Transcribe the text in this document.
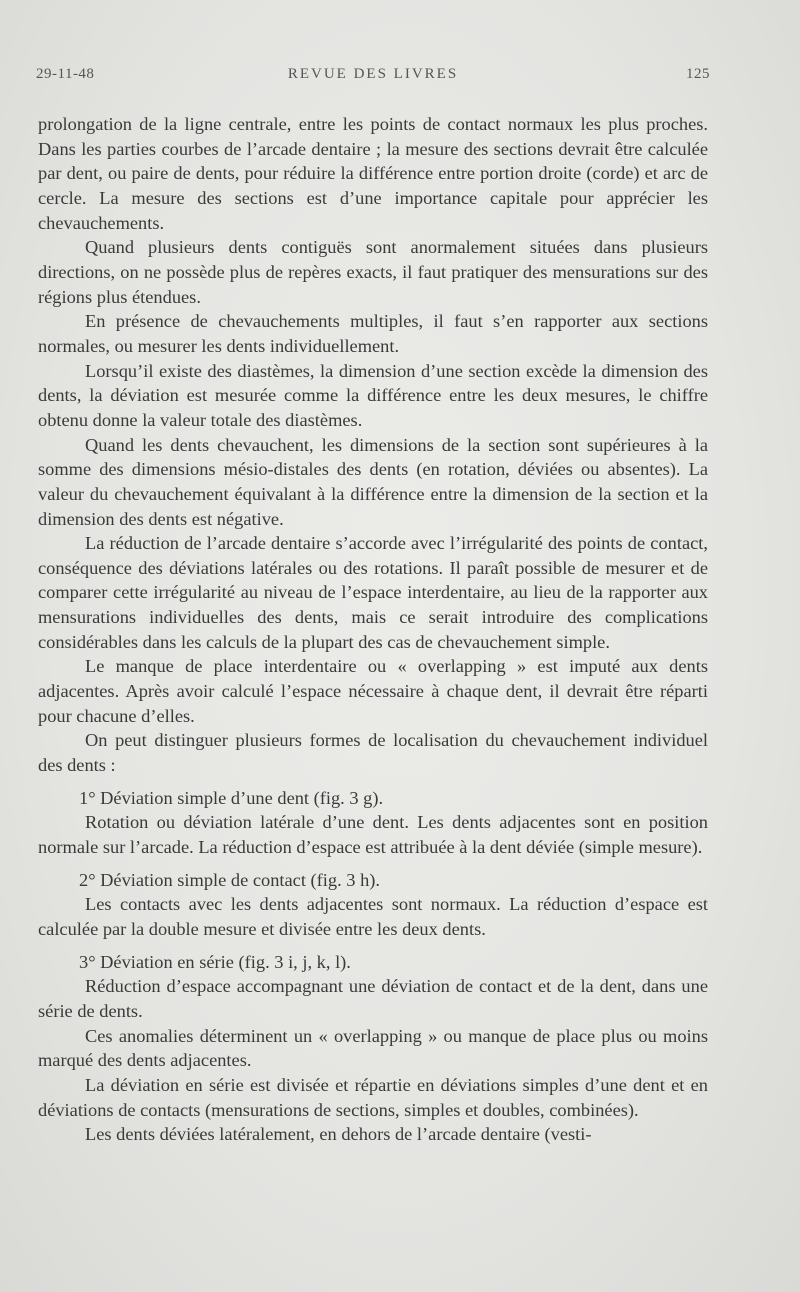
29-11-48	REVUE DES LIVRES	125

prolongation de la ligne centrale, entre les points de contact normaux les plus proches. Dans les parties courbes de l’arcade dentaire ; la mesure des sections devrait être calculée par dent, ou paire de dents, pour réduire la différence entre portion droite (corde) et arc de cercle. La mesure des sections est d’une importance capitale pour apprécier les chevauchements.

Quand plusieurs dents contiguës sont anormalement situées dans plusieurs directions, on ne possède plus de repères exacts, il faut pratiquer des mensurations sur des régions plus étendues.

En présence de chevauchements multiples, il faut s’en rapporter aux sections normales, ou mesurer les dents individuellement.

Lorsqu’il existe des diastèmes, la dimension d’une section excède la dimension des dents, la déviation est mesurée comme la différence entre les deux mesures, le chiffre obtenu donne la valeur totale des diastèmes.

Quand les dents chevauchent, les dimensions de la section sont supérieures à la somme des dimensions mésio-distales des dents (en rotation, déviées ou absentes). La valeur du chevauchement équivalant à la différence entre la dimension de la section et la dimension des dents est négative.

La réduction de l’arcade dentaire s’accorde avec l’irrégularité des points de contact, conséquence des déviations latérales ou des rotations. Il paraît possible de mesurer et de comparer cette irrégularité au niveau de l’espace interdentaire, au lieu de la rapporter aux mensurations individuelles des dents, mais ce serait introduire des complications considérables dans les calculs de la plupart des cas de chevauchement simple.

Le manque de place interdentaire ou « overlapping » est imputé aux dents adjacentes. Après avoir calculé l’espace nécessaire à chaque dent, il devrait être réparti pour chacune d’elles.

On peut distinguer plusieurs formes de localisation du chevauchement individuel des dents :

1° Déviation simple d’une dent (fig. 3 g).

Rotation ou déviation latérale d’une dent. Les dents adjacentes sont en position normale sur l’arcade. La réduction d’espace est attribuée à la dent déviée (simple mesure).

2° Déviation simple de contact (fig. 3 h).

Les contacts avec les dents adjacentes sont normaux. La réduction d’espace est calculée par la double mesure et divisée entre les deux dents.

3° Déviation en série (fig. 3 i, j, k, l).

Réduction d’espace accompagnant une déviation de contact et de la dent, dans une série de dents.

Ces anomalies déterminent un « overlapping » ou manque de place plus ou moins marqué des dents adjacentes.

La déviation en série est divisée et répartie en déviations simples d’une dent et en déviations de contacts (mensurations de sections, simples et doubles, combinées).

Les dents déviées latéralement, en dehors de l’arcade dentaire (vesti-
